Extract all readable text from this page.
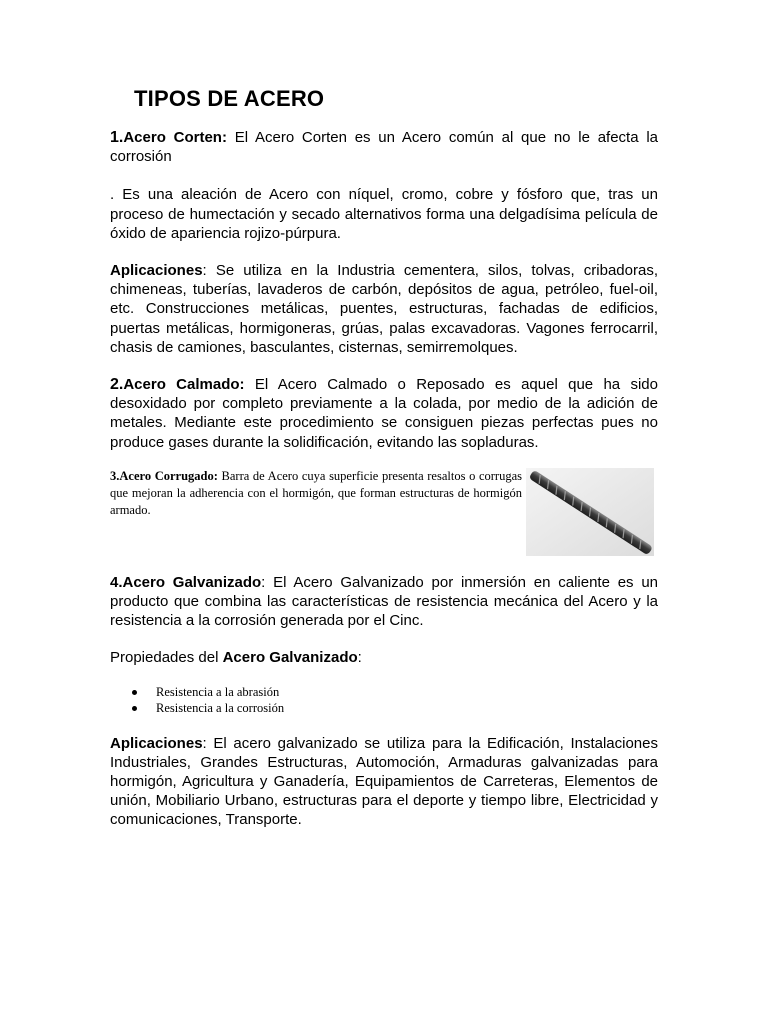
TIPOS DE ACERO

1.Acero Corten: El Acero Corten es un Acero común al que no le afecta la corrosión

. Es una aleación de Acero con níquel, cromo, cobre y fósforo que, tras un proceso de humectación y secado alternativos forma una delgadísima película de óxido de apariencia rojizo-púrpura.

Aplicaciones: Se utiliza en la Industria cementera, silos, tolvas, cribadoras, chimeneas, tuberías, lavaderos de carbón, depósitos de agua, petróleo, fuel-oil, etc. Construcciones metálicas, puentes, estructuras, fachadas de edificios, puertas metálicas, hormigoneras, grúas, palas excavadoras. Vagones ferrocarril, chasis de camiones, basculantes, cisternas, semirremolques.

2.Acero Calmado: El Acero Calmado o Reposado es aquel que ha sido desoxidado por completo previamente a la colada, por medio de la adición de metales. Mediante este procedimiento se consiguen piezas perfectas pues no produce gases durante la solidificación, evitando las sopladuras.

3.Acero Corrugado: Barra de Acero cuya superficie presenta resaltos o corrugas que mejoran la adherencia con el hormigón, que forman estructuras de hormigón armado.

4.Acero Galvanizado: El Acero Galvanizado por inmersión en caliente es un producto que combina las características de resistencia mecánica del Acero y la resistencia a la corrosión generada por el Cinc.

Propiedades del Acero Galvanizado:

Resistencia a la abrasión
Resistencia a la corrosión

Aplicaciones: El acero galvanizado se utiliza para la Edificación, Instalaciones Industriales, Grandes Estructuras, Automoción, Armaduras galvanizadas para hormigón, Agricultura y Ganadería, Equipamientos de Carreteras, Elementos de unión, Mobiliario Urbano, estructuras para el deporte y tiempo libre, Electricidad y comunicaciones, Transporte.
